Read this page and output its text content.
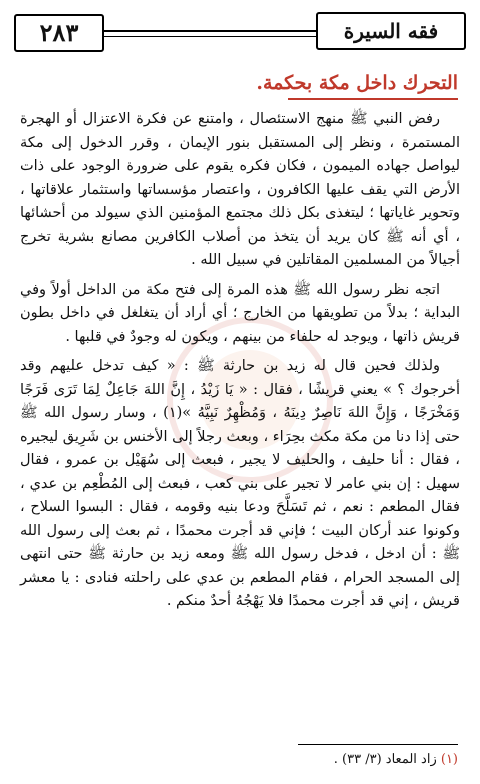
٢٨٣	فقه السيرة
التحرك داخل مكة بحكمة.

رفض النبي ﷺ منهج الاستئصال ، وامتنع عن فكرة الاعتزال أو الهجرة المستمرة ، ونظر إلى المستقبل بنور الإيمان ، وقرر الدخول إلى مكة ليواصل جهاده الميمون ، فكان فكره يقوم على ضرورة الوجود على ذات الأرض التي يقف عليها الكافرون ، واعتصار مؤسساتها واستثمار علاقاتها ، وتحوير غاياتها ؛ ليتغذى بكل ذلك مجتمع المؤمنين الذي سيولد من أحشائها ، أي أنه ﷺ كان يريد أن يتخذ من أصلاب الكافرين مصانع بشرية تخرج أجيالاً من المسلمين المقاتلين في سبيل الله .

اتجه نظر رسول الله ﷺ هذه المرة إلى فتح مكة من الداخل أولاً وفي البداية ؛ بدلاً من تطويقها من الخارج ؛ أي أراد أن يتغلغل في داخل بطون قريش ذاتها ، ويوجد له حلفاء من بينهم ، ويكون له وجودٌ في قلبها .

ولذلك فحين قال له زيد بن حارثة ﷺ : « كيف تدخل عليهم وقد أخرجوك ؟ » يعني قريشًا ، فقال : « يَا زَيْدُ ، إِنَّ اللهَ جَاعِلٌ لِمَا تَرَى فَرَجًا وَمَخْرَجًا ، وَإِنَّ اللهَ نَاصِرٌ دِينَهُ ، وَمُظْهِرٌ نَبِيَّهُ »(١) ، وسار رسول الله ﷺ حتى إذا دنا من مكة مكث بحِرَاء ، وبعث رجلاً إلى الأخنس بن شَرِيق ليجيره ، فقال : أنا حليف ، والحليف لا يجير ، فبعث إلى سُهَيْل بن عمرو ، فقال سهيل : إن بني عامر لا تجير على بني كعب ، فبعث إلى المُطْعِم بن عدي ، فقال المطعم : نعم ، ثم تَسَلَّحَ ودعا بنيه وقومه ، فقال : البسوا السلاح ، وكونوا عند أركان البيت ؛ فإني قد أجرت محمدًا ، ثم بعث إلى رسول الله ﷺ : أن ادخل ، فدخل رسول الله ﷺ ومعه زيد بن حارثة ﷺ حتى انتهى إلى المسجد الحرام ، فقام المطعم بن عدي على راحلته فنادى : يا معشر قريش ، إني قد أجرت محمدًا فلا يَهْجُهُ أحدٌ منكم .

(١) زاد المعاد (٣/ ٣٣) .
